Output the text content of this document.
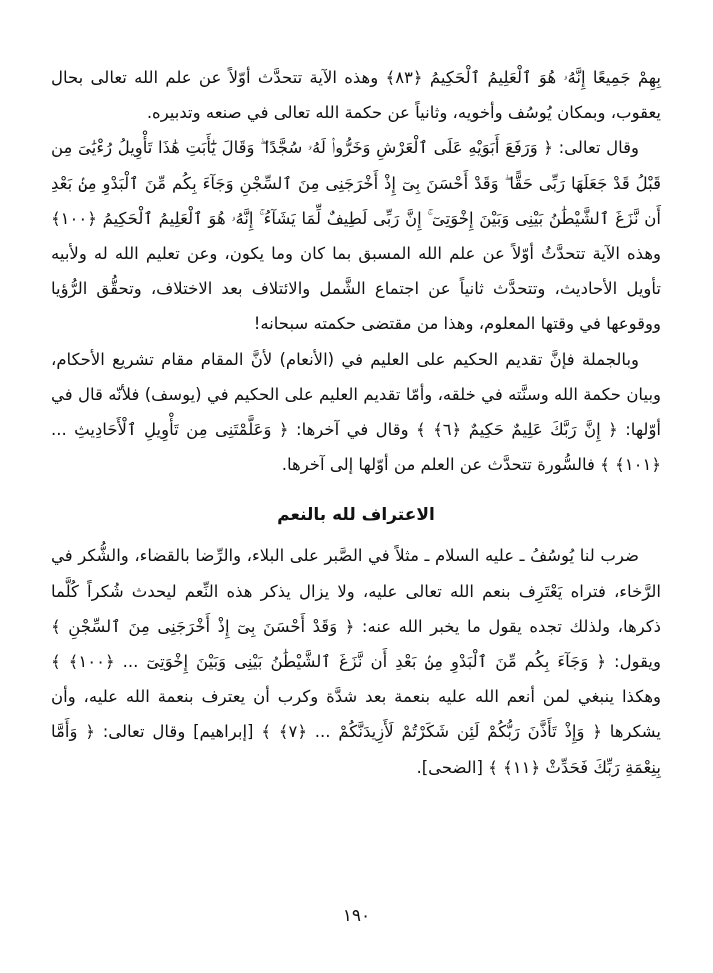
بِهِمْ جَمِيعًا إِنَّهُۥ هُوَ ٱلْعَلِيمُ ٱلْحَكِيمُ ﴿٨٣﴾ وهذه الآية تتحدَّث أوّلاً عن علم الله تعالى بحال يعقوب، وبمكان يُوسُف وأخويه، وثانياً عن حكمة الله تعالى في صنعه وتدبيره.

وقال تعالى: ﴿ وَرَفَعَ أَبَوَيْهِ عَلَى ٱلْعَرْشِ وَخَرُّوا۟ لَهُۥ سُجَّدًا ۖ وَقَالَ يَٰٓأَبَتِ هَٰذَا تَأْوِيلُ رُءْيَٰىَ مِن قَبْلُ قَدْ جَعَلَهَا رَبِّى حَقًّا ۖ وَقَدْ أَحْسَنَ بِىٓ إِذْ أَخْرَجَنِى مِنَ ٱلسِّجْنِ وَجَآءَ بِكُم مِّنَ ٱلْبَدْوِ مِنۢ بَعْدِ أَن نَّزَغَ ٱلشَّيْطَٰنُ بَيْنِى وَبَيْنَ إِخْوَتِىٓ ۚ إِنَّ رَبِّى لَطِيفٌ لِّمَا يَشَآءُ ۚ إِنَّهُۥ هُوَ ٱلْعَلِيمُ ٱلْحَكِيمُ ﴿١٠٠﴾ وهذه الآية تتحدَّثُ أوّلاً عن علم الله المسبق بما كان وما يكون، وعن تعليم الله له ولأبيه تأويل الأحاديث، وتتحدَّث ثانياً عن اجتماع الشَّمل والائتلاف بعد الاختلاف، وتحقُّق الرُّؤيا ووقوعها في وقتها المعلوم، وهذا من مقتضى حكمته سبحانه!

وبالجملة فإنَّ تقديم الحكيم على العليم في (الأنعام) لأنَّ المقام مقام تشريع الأحكام، وبيان حكمة الله وسنَّته في خلقه، وأمّا تقديم العليم على الحكيم في (يوسف) فلأنّه قال في أوّلها: ﴿ إِنَّ رَبَّكَ عَلِيمٌ حَكِيمٌ ﴿٦﴾ ﴾ وقال في آخرها: ﴿ وَعَلَّمْتَنِى مِن تَأْوِيلِ ٱلْأَحَادِيثِ ... ﴿١٠١﴾ ﴾ فالسُّورة تتحدَّث عن العلم من أوّلها إلى آخرها.

الاعتراف لله بالنعم

ضرب لنا يُوسُفُ ـ عليه السلام ـ مثلاً في الصَّبر على البلاء، والرِّضا بالقضاء، والشُّكر في الرَّخاء، فتراه يَعْتَرِف بنعم الله تعالى عليه، ولا يزال يذكر هذه النِّعم ليحدث شُكراً كُلَّما ذكرها، ولذلك تجده يقول ما يخبر الله عنه: ﴿ وَقَدْ أَحْسَنَ بِىٓ إِذْ أَخْرَجَنِى مِنَ ٱلسِّجْنِ ﴾ ويقول: ﴿ وَجَآءَ بِكُم مِّنَ ٱلْبَدْوِ مِنۢ بَعْدِ أَن نَّزَغَ ٱلشَّيْطَٰنُ بَيْنِى وَبَيْنَ إِخْوَتِىٓ ... ﴿١٠٠﴾ ﴾ وهكذا ينبغي لمن أنعم الله عليه بنعمة بعد شدَّة وكرب أن يعترف بنعمة الله عليه، وأن يشكرها ﴿ وَإِذْ تَأَذَّنَ رَبُّكُمْ لَئِن شَكَرْتُمْ لَأَزِيدَنَّكُمْ ... ﴿٧﴾ ﴾ [إبراهيم] وقال تعالى: ﴿ وَأَمَّا بِنِعْمَةِ رَبِّكَ فَحَدِّثْ ﴿١١﴾ ﴾ [الضحى].

١٩٠
